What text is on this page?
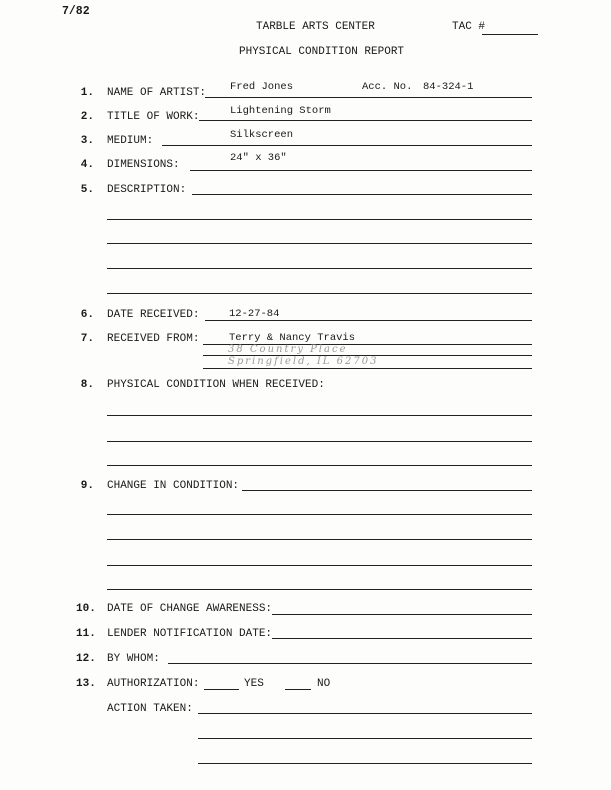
7/82
TARBLE ARTS CENTER	TAC #
PHYSICAL CONDITION REPORT
1. NAME OF ARTIST: Fred Jones	Acc. No. 84-324-1
2. TITLE OF WORK:	Lightening Storm
3. MEDIUM:	Silkscreen
4. DIMENSIONS:
24" x 36"
5. DESCRIPTION:
6. DATE RECEIVED:	12-27-84
7. RECEIVED FROM:	Terry & Nancy Travis
38 Country Place
Springfield, IL 62703
8. PHYSICAL CONDITION WHEN RECEIVED:
9. CHANGE IN CONDITION:
10. DATE OF CHANGE AWARENESS:
11. LENDER NOTIFICATION DATE:
12. BY WHOM:
13. AUTHORIZATION:	YES	NO
ACTION TAKEN:
